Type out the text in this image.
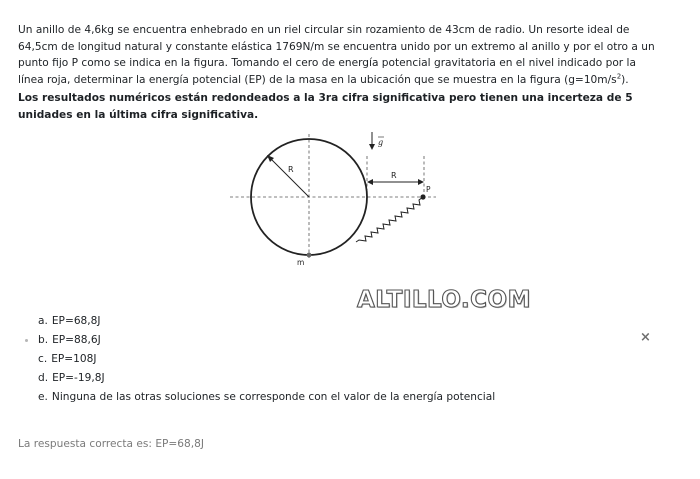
Un anillo de 4,6kg se encuentra enhebrado en un riel circular sin rozamiento de 43cm de radio. Un resorte ideal de 64,5cm de longitud natural y constante elástica 1769N/m se encuentra unido por un extremo al anillo y por el otro a un punto fijo P como se indica en la figura. Tomando el cero de energía potencial gravitatoria en el nivel indicado por la línea roja, determinar la energía potencial (EP) de la masa en la ubicación que se muestra en la figura $(g=10m/s^2)$.

Los resultados numéricos están redondeados a la 3ra cifra significativa pero tienen una incerteza de 5 unidades en la última cifra significativa.

R
R
g
P
m
ALTILLO.COM
a. EP=68,8J
b. EP=88,6J
c. EP=108J
d. EP=-19,8J
e. Ninguna de las otras soluciones se corresponde con el valor de la energía potencial
×
La respuesta correcta es: EP=68,8J
